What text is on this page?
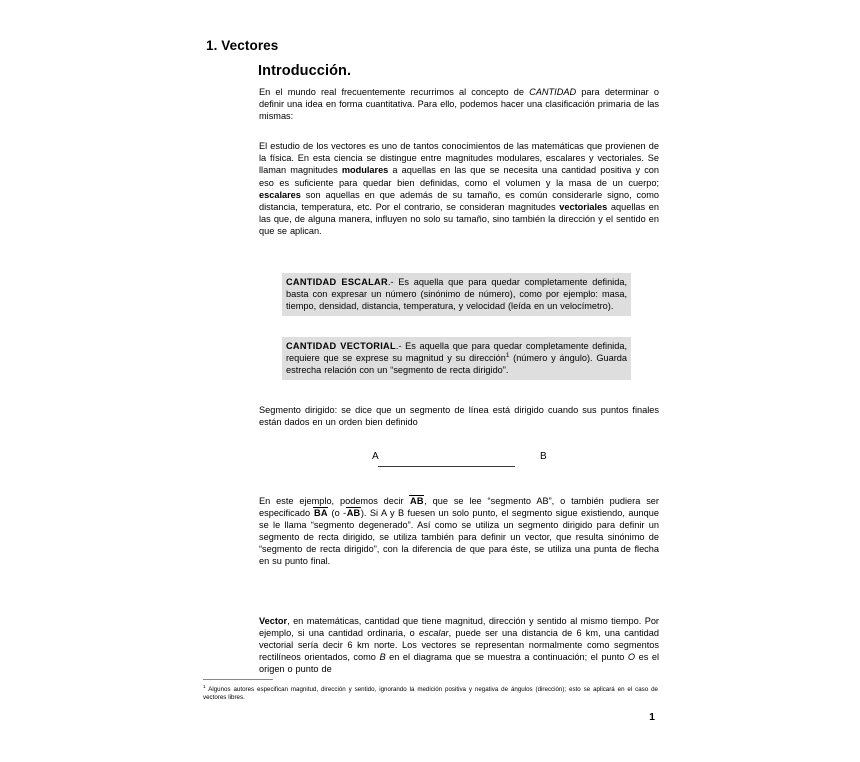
1. Vectores
Introducción.

En el mundo real frecuentemente recurrimos al concepto de CANTIDAD para determinar o definir una idea en forma cuantitativa. Para ello, podemos hacer una clasificación primaria de las mismas:

El estudio de los vectores es uno de tantos conocimientos de las matemáticas que provienen de la física. En esta ciencia se distingue entre magnitudes modulares, escalares y vectoriales. Se llaman magnitudes modulares a aquellas en las que se necesita una cantidad positiva y con eso es suficiente para quedar bien definidas, como el volumen y la masa de un cuerpo; escalares son aquellas en que además de su tamaño, es común considerarle signo, como distancia, temperatura, etc. Por el contrario, se consideran magnitudes vectoriales aquellas en las que, de alguna manera, influyen no solo su tamaño, sino también la dirección y el sentido en que se aplican.

CANTIDAD ESCALAR.- Es aquella que para quedar completamente definida, basta con expresar un número (sinónimo de número), como por ejemplo: masa, tiempo, densidad, distancia, temperatura, y velocidad (leída en un velocímetro).

CANTIDAD VECTORIAL.- Es aquella que para quedar completamente definida, requiere que se exprese su magnitud y su dirección$^1$ (número y ángulo). Guarda estrecha relación con un “segmento de recta dirigido”.

Segmento dirigido: se dice que un segmento de línea está dirigido cuando sus puntos finales están dados en un orden bien definido

A	B

En este ejemplo, podemos decir AB, que se lee “segmento AB”, o también pudiera ser especificado BA (o -AB). Si A y B fuesen un solo punto, el segmento sigue existiendo, aunque se le llama “segmento degenerado”. Así como se utiliza un segmento dirigido para definir un segmento de recta dirigido, se utiliza también para definir un vector, que resulta sinónimo de “segmento de recta dirigido”, con la diferencia de que para éste, se utiliza una punta de flecha en su punto final.

Vector, en matemáticas, cantidad que tiene magnitud, dirección y sentido al mismo tiempo. Por ejemplo, si una cantidad ordinaria, o escalar, puede ser una distancia de 6 km, una cantidad vectorial sería decir 6 km norte. Los vectores se representan normalmente como segmentos rectilíneos orientados, como B en el diagrama que se muestra a continuación; el punto O es el origen o punto de

$^1$ Algunos autores especifican magnitud, dirección y sentido, ignorando la medición positiva y negativa de ángulos (dirección); esto se aplicará en el caso de vectores libres.
1
